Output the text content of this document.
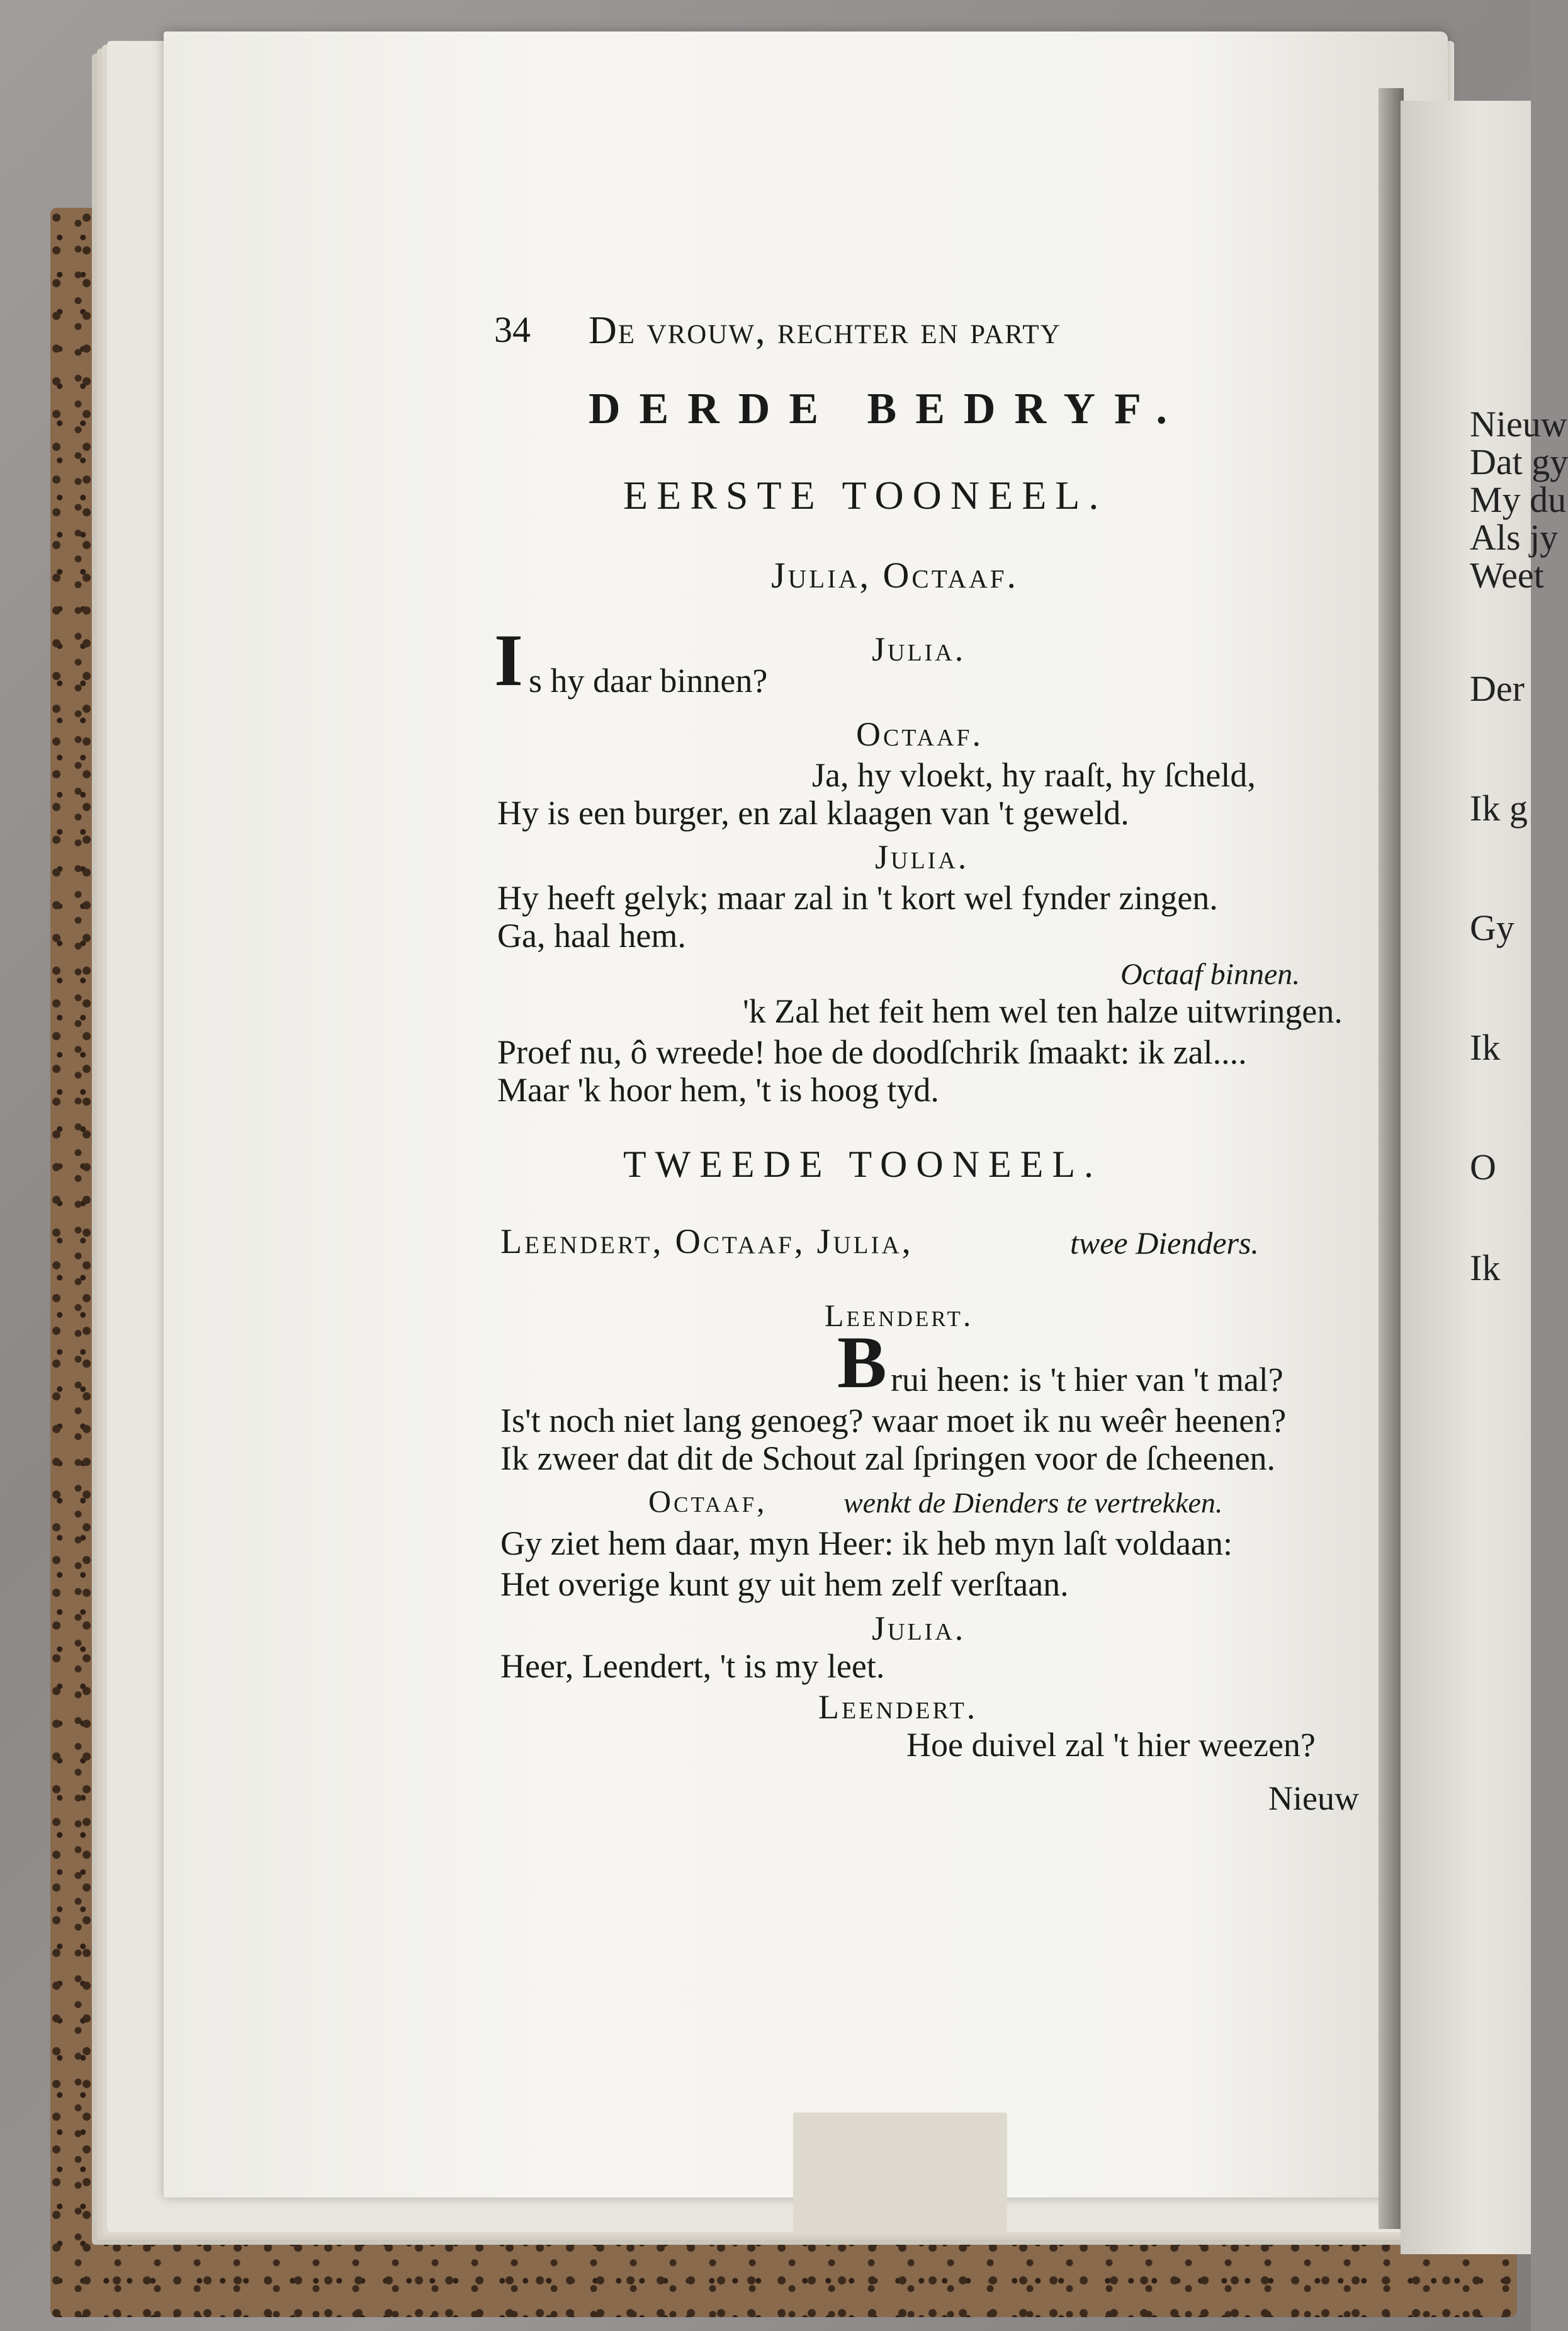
Nieuw
Dat gy
My du
Als jy
Weet
Der
Ik g
Gy
Ik
O
Ik
34 De vrouw, rechter en party
DERDE BEDRYF.
EERSTE TOONEEL.
Julia, Octaaf.
Julia.
I s hy daar binnen?
Octaaf.
Ja, hy vloekt, hy raaſt, hy ſcheld,
Hy is een burger, en zal klaagen van 't geweld.
Julia.
Hy heeft gelyk; maar zal in 't kort wel fynder zingen.
Ga, haal hem.
Octaaf binnen.
'k Zal het feit hem wel ten halze uitwringen.
Proef nu, ô wreede! hoe de doodſchrik ſmaakt: ik zal....
Maar 'k hoor hem, 't is hoog tyd.
TWEEDE TOONEEL.
Leendert, Octaaf, Julia,	twee Dienders.
Leendert.
B rui heen: is 't hier van 't mal?
Is't noch niet lang genoeg? waar moet ik nu weêr heenen?
Ik zweer dat dit de Schout zal ſpringen voor de ſcheenen.
Octaaf,	wenkt de Dienders te vertrekken.
Gy ziet hem daar, myn Heer: ik heb myn laſt voldaan:
Het overige kunt gy uit hem zelf verſtaan.
Julia.
Heer, Leendert, 't is my leet.
Leendert.
Hoe duivel zal 't hier weezen?
Nieuw
